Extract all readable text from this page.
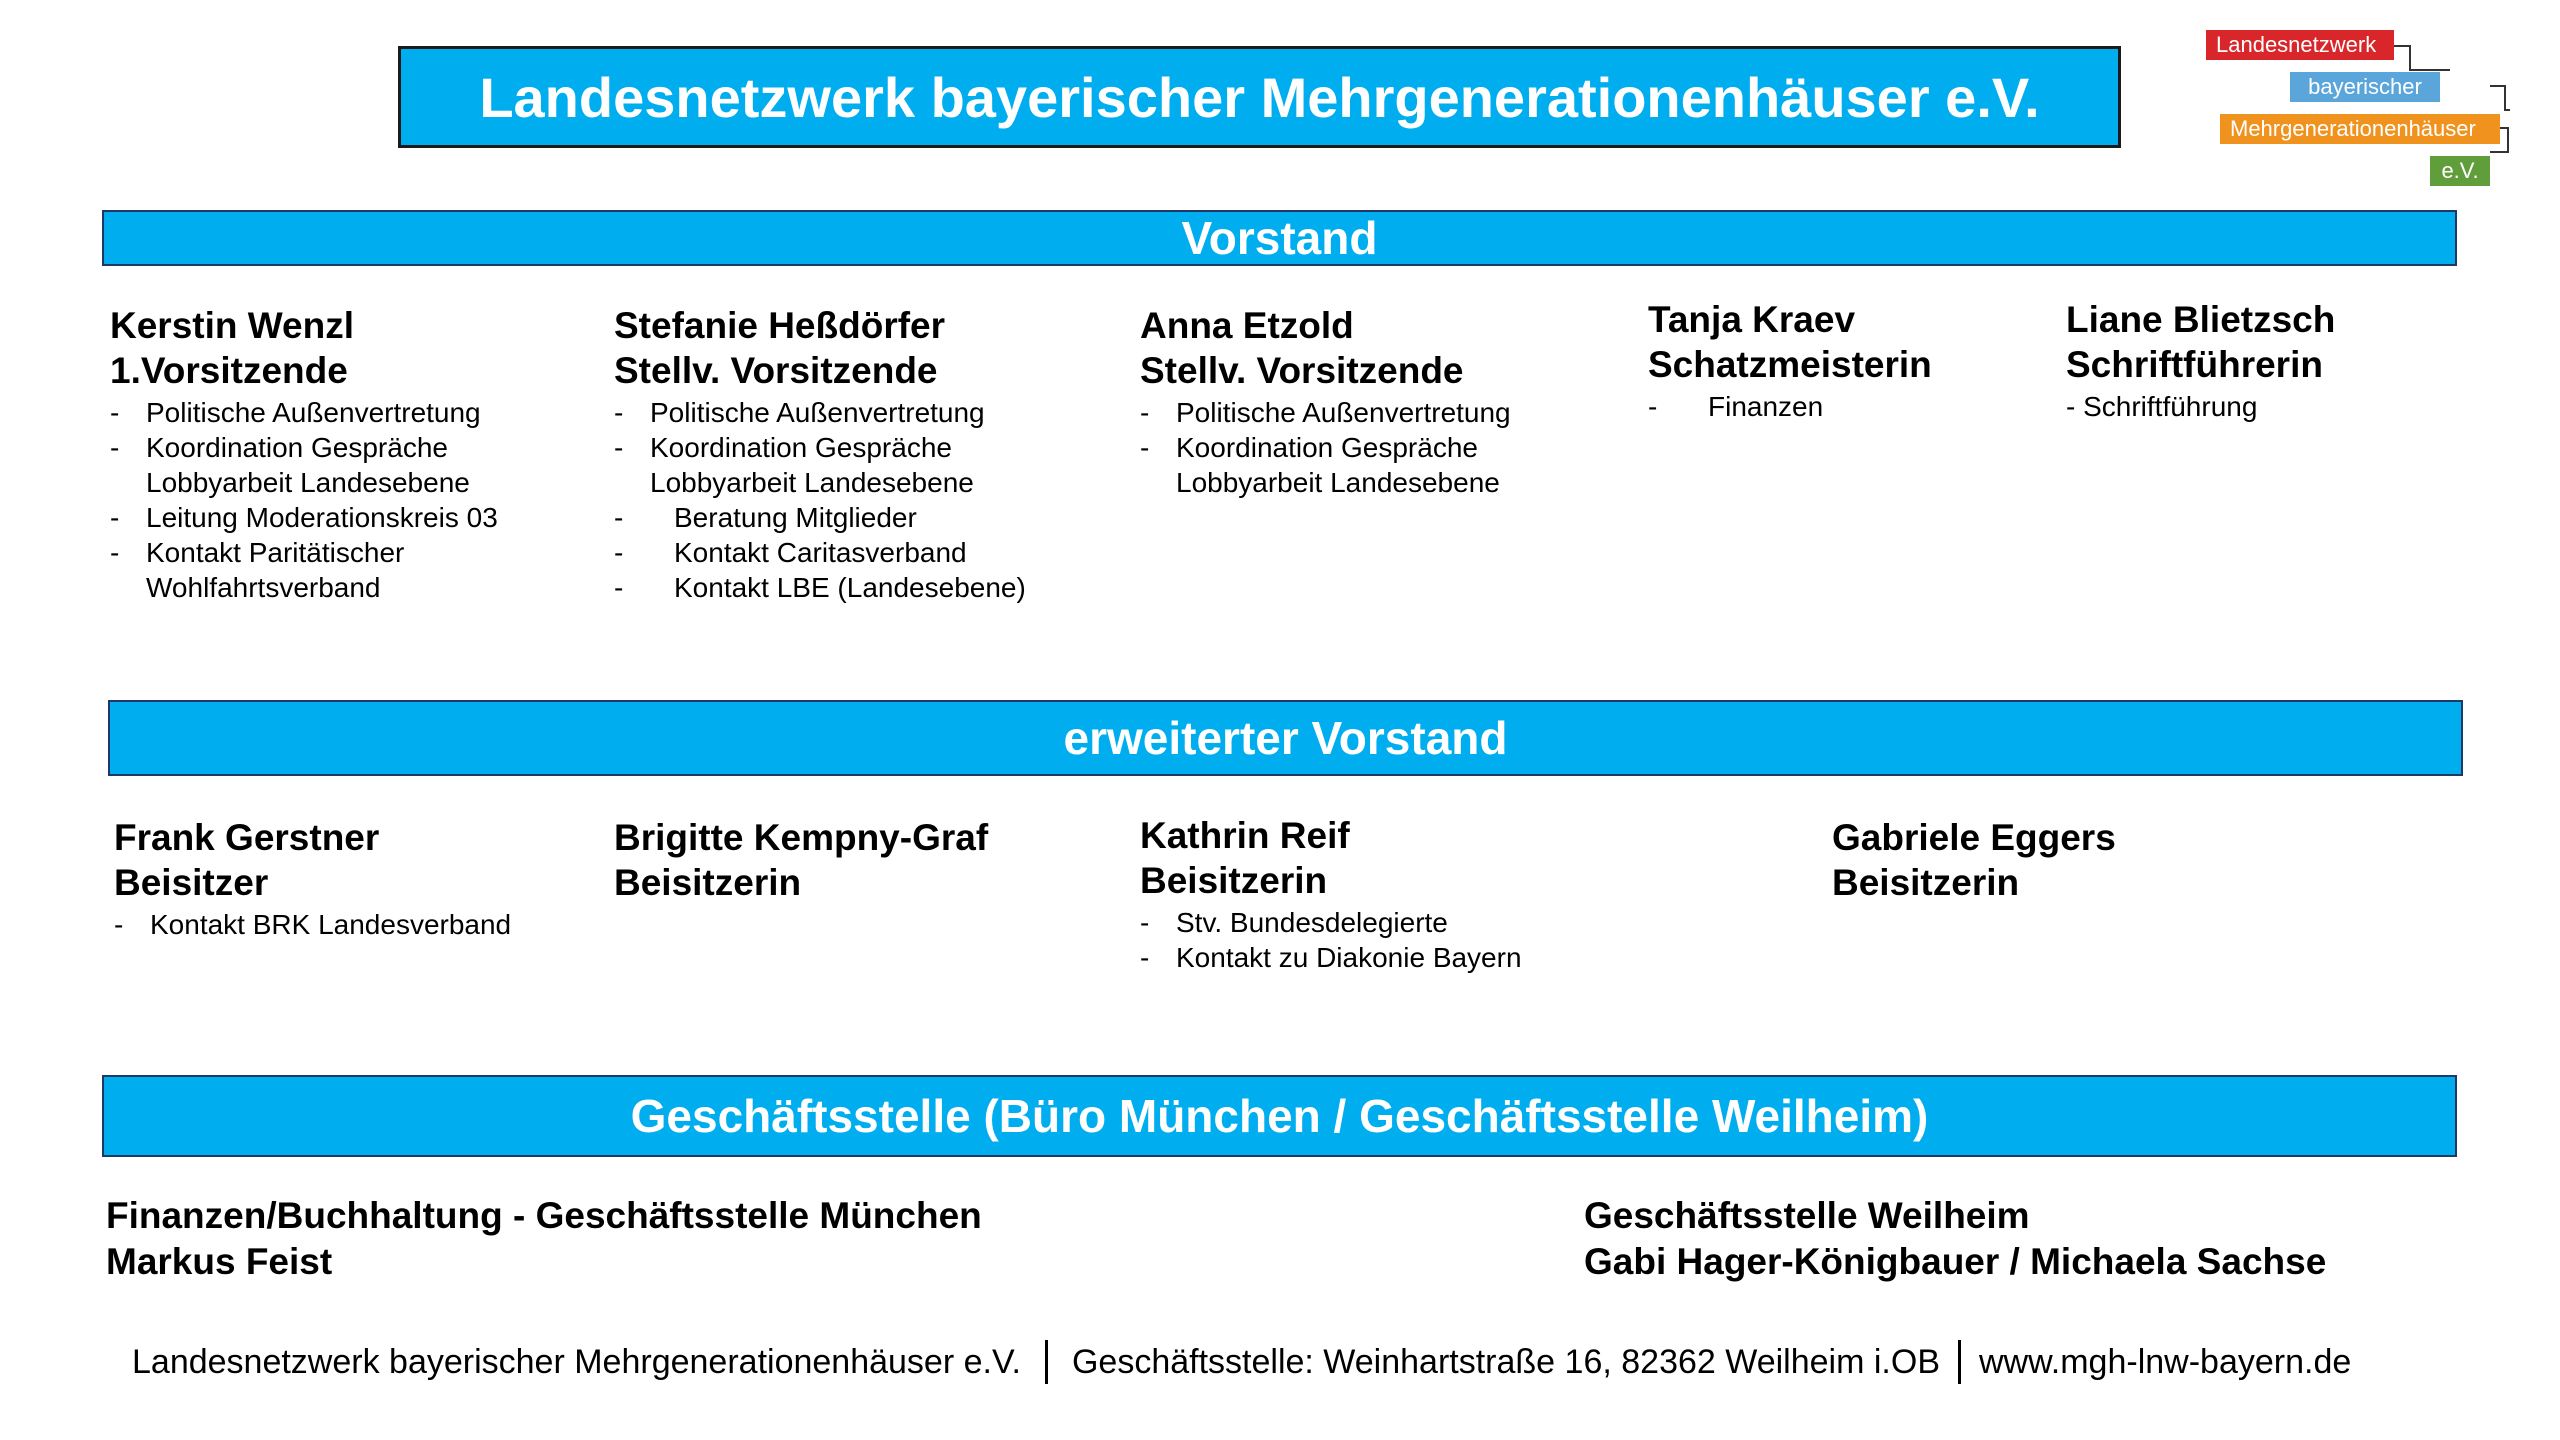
Landesnetzwerk bayerischer Mehrgenerationenhäuser e.V.
Landesnetzwerk
bayerischer
Mehrgenerationenhäuser
e.V.
Vorstand
Kerstin Wenzl
1.Vorsitzende
- Politische Außenvertretung
- Koordination Gespräche Lobbyarbeit Landesebene
- Leitung Moderationskreis 03
- Kontakt Paritätischer Wohlfahrtsverband
Stefanie Heßdörfer
Stellv. Vorsitzende
- Politische Außenvertretung
- Koordination Gespräche Lobbyarbeit Landesebene
- Beratung Mitglieder
- Kontakt Caritasverband
- Kontakt LBE (Landesebene)
Anna Etzold
Stellv. Vorsitzende
- Politische Außenvertretung
- Koordination Gespräche Lobbyarbeit Landesebene
Tanja Kraev
Schatzmeisterin
- Finanzen
Liane Blietzsch
Schriftführerin
- Schriftführung
erweiterter Vorstand
Frank Gerstner
Beisitzer
- Kontakt BRK Landesverband
Brigitte Kempny-Graf
Beisitzerin
Kathrin Reif
Beisitzerin
- Stv. Bundesdelegierte
- Kontakt zu Diakonie Bayern
Gabriele Eggers
Beisitzerin
Geschäftsstelle (Büro München / Geschäftsstelle Weilheim)
Finanzen/Buchhaltung - Geschäftsstelle München
Markus Feist
Geschäftsstelle Weilheim
Gabi Hager-Königbauer / Michaela Sachse
Landesnetzwerk bayerischer Mehrgenerationenhäuser e.V. Geschäftsstelle: Weinhartstraße 16, 82362 Weilheim i.OB www.mgh-lnw-bayern.de
